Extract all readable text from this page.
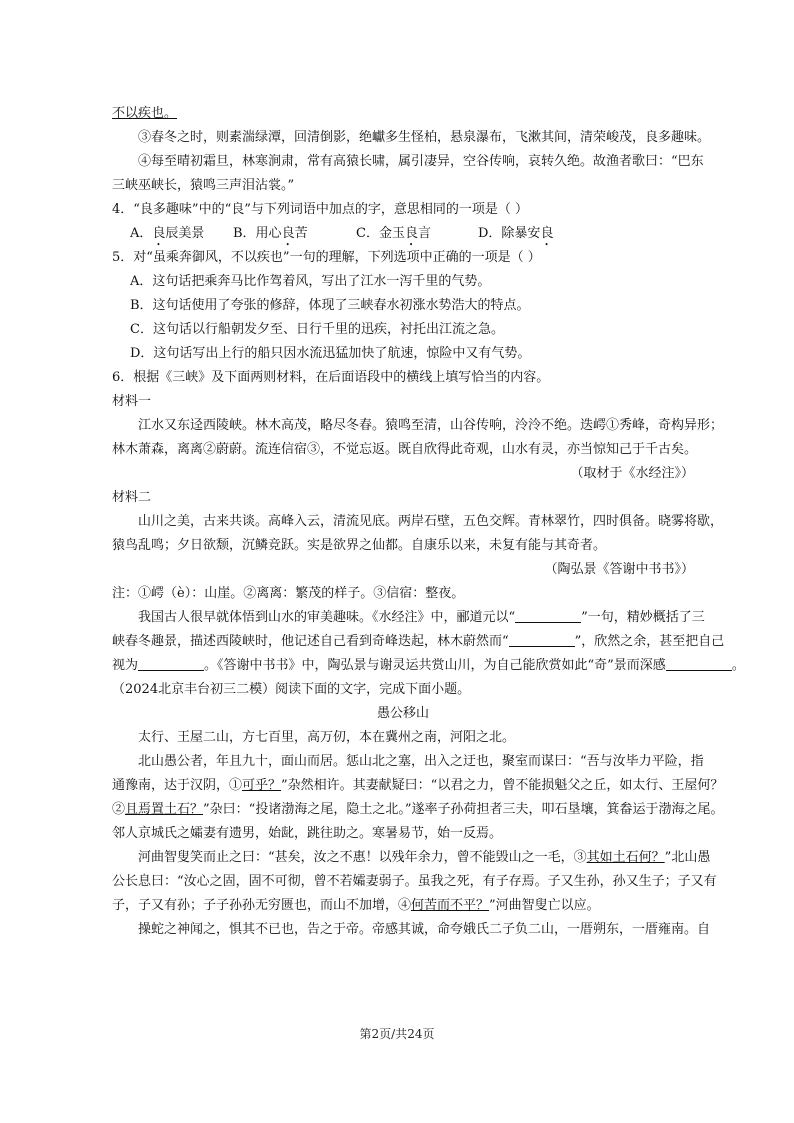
不以疾也。
③春冬之时，则素湍绿潭，回清倒影，绝巘多生怪柏，悬泉瀑布，飞漱其间，清荣峻茂，良多趣味。
④每至晴初霜旦，林寒涧肃，常有高猿长啸，属引凄异，空谷传响，哀转久绝。故渔者歌曰：“巴东
三峡巫峡长，猿鸣三声泪沾裳。”
4．“良多趣味”中的“良”与下列词语中加点的字，意思相同的一项是（ ）
A．良辰美景 B．用心良苦	C．金玉良言	D．除暴安良
5．对“虽乘奔御风，不以疾也”一句的理解，下列选项中正确的一项是（ ）
A．这句话把乘奔马比作驾着风，写出了江水一泻千里的气势。
B．这句话使用了夸张的修辞，体现了三峡春水初涨水势浩大的特点。
C．这句话以行船朝发夕至、日行千里的迅疾，衬托出江流之急。
D．这句话写出上行的船只因水流迅猛加快了航速，惊险中又有气势。
6．根据《三峡》及下面两则材料，在后面语段中的横线上填写恰当的内容。
材料一
江水又东迳西陵峡。林木高茂，略尽冬春。猿鸣至清，山谷传响，泠泠不绝。迭崿①秀峰，奇构异形；
林木萧森，离离②蔚蔚。流连信宿③，不觉忘返。既自欣得此奇观，山水有灵，亦当惊知己于千古矣。
（取材于《水经注》）
材料二
山川之美，古来共谈。高峰入云，清流见底。两岸石壁，五色交辉。青林翠竹，四时俱备。晓雾将歇，
猿鸟乱鸣；夕日欲颓，沉鳞竞跃。实是欲界之仙都。自康乐以来，未复有能与其奇者。
（陶弘景《答谢中书书》）
注：①崿（è）：山崖。②离离：繁茂的样子。③信宿：整夜。
我国古人很早就体悟到山水的审美趣味。《水经注》中，郦道元以“	”一句，精妙概括了三
峡春冬趣景，描述西陵峡时，他记述自己看到奇峰迭起，林木蔚然而“	”，欣然之余，甚至把自己
视为	。《答谢中书书》中，陶弘景与谢灵运共赏山川，为自己能欣赏如此“奇”景而深感	。
（2024北京丰台初三二模）阅读下面的文字，完成下面小题。
愚公移山
太行、王屋二山，方七百里，高万仞，本在冀州之南，河阳之北。
北山愚公者，年且九十，面山而居。惩山北之塞，出入之迂也，聚室而谋曰：“吾与汝毕力平险，指
通豫南，达于汉阴，①可乎？”杂然相许。其妻献疑曰：“以君之力，曾不能损魁父之丘，如太行、王屋何？
②且焉置土石？”杂曰：“投诸渤海之尾，隐土之北。”遂率子孙荷担者三夫，叩石垦壤，箕畚运于渤海之尾。
邻人京城氏之孀妻有遗男，始龀，跳往助之。寒暑易节，始一反焉。
河曲智叟笑而止之曰：“甚矣，汝之不惠！以残年余力，曾不能毁山之一毛，③其如土石何？”北山愚
公长息曰：“汝心之固，固不可彻，曾不若孀妻弱子。虽我之死，有子存焉。子又生孙，孙又生子；子又有
子，子又有孙；子子孙孙无穷匮也，而山不加增，④何苦而不平？”河曲智叟亡以应。
操蛇之神闻之，惧其不已也，告之于帝。帝感其诚，命夸娥氏二子负二山，一厝朔东，一厝雍南。自
第2页/共24页
